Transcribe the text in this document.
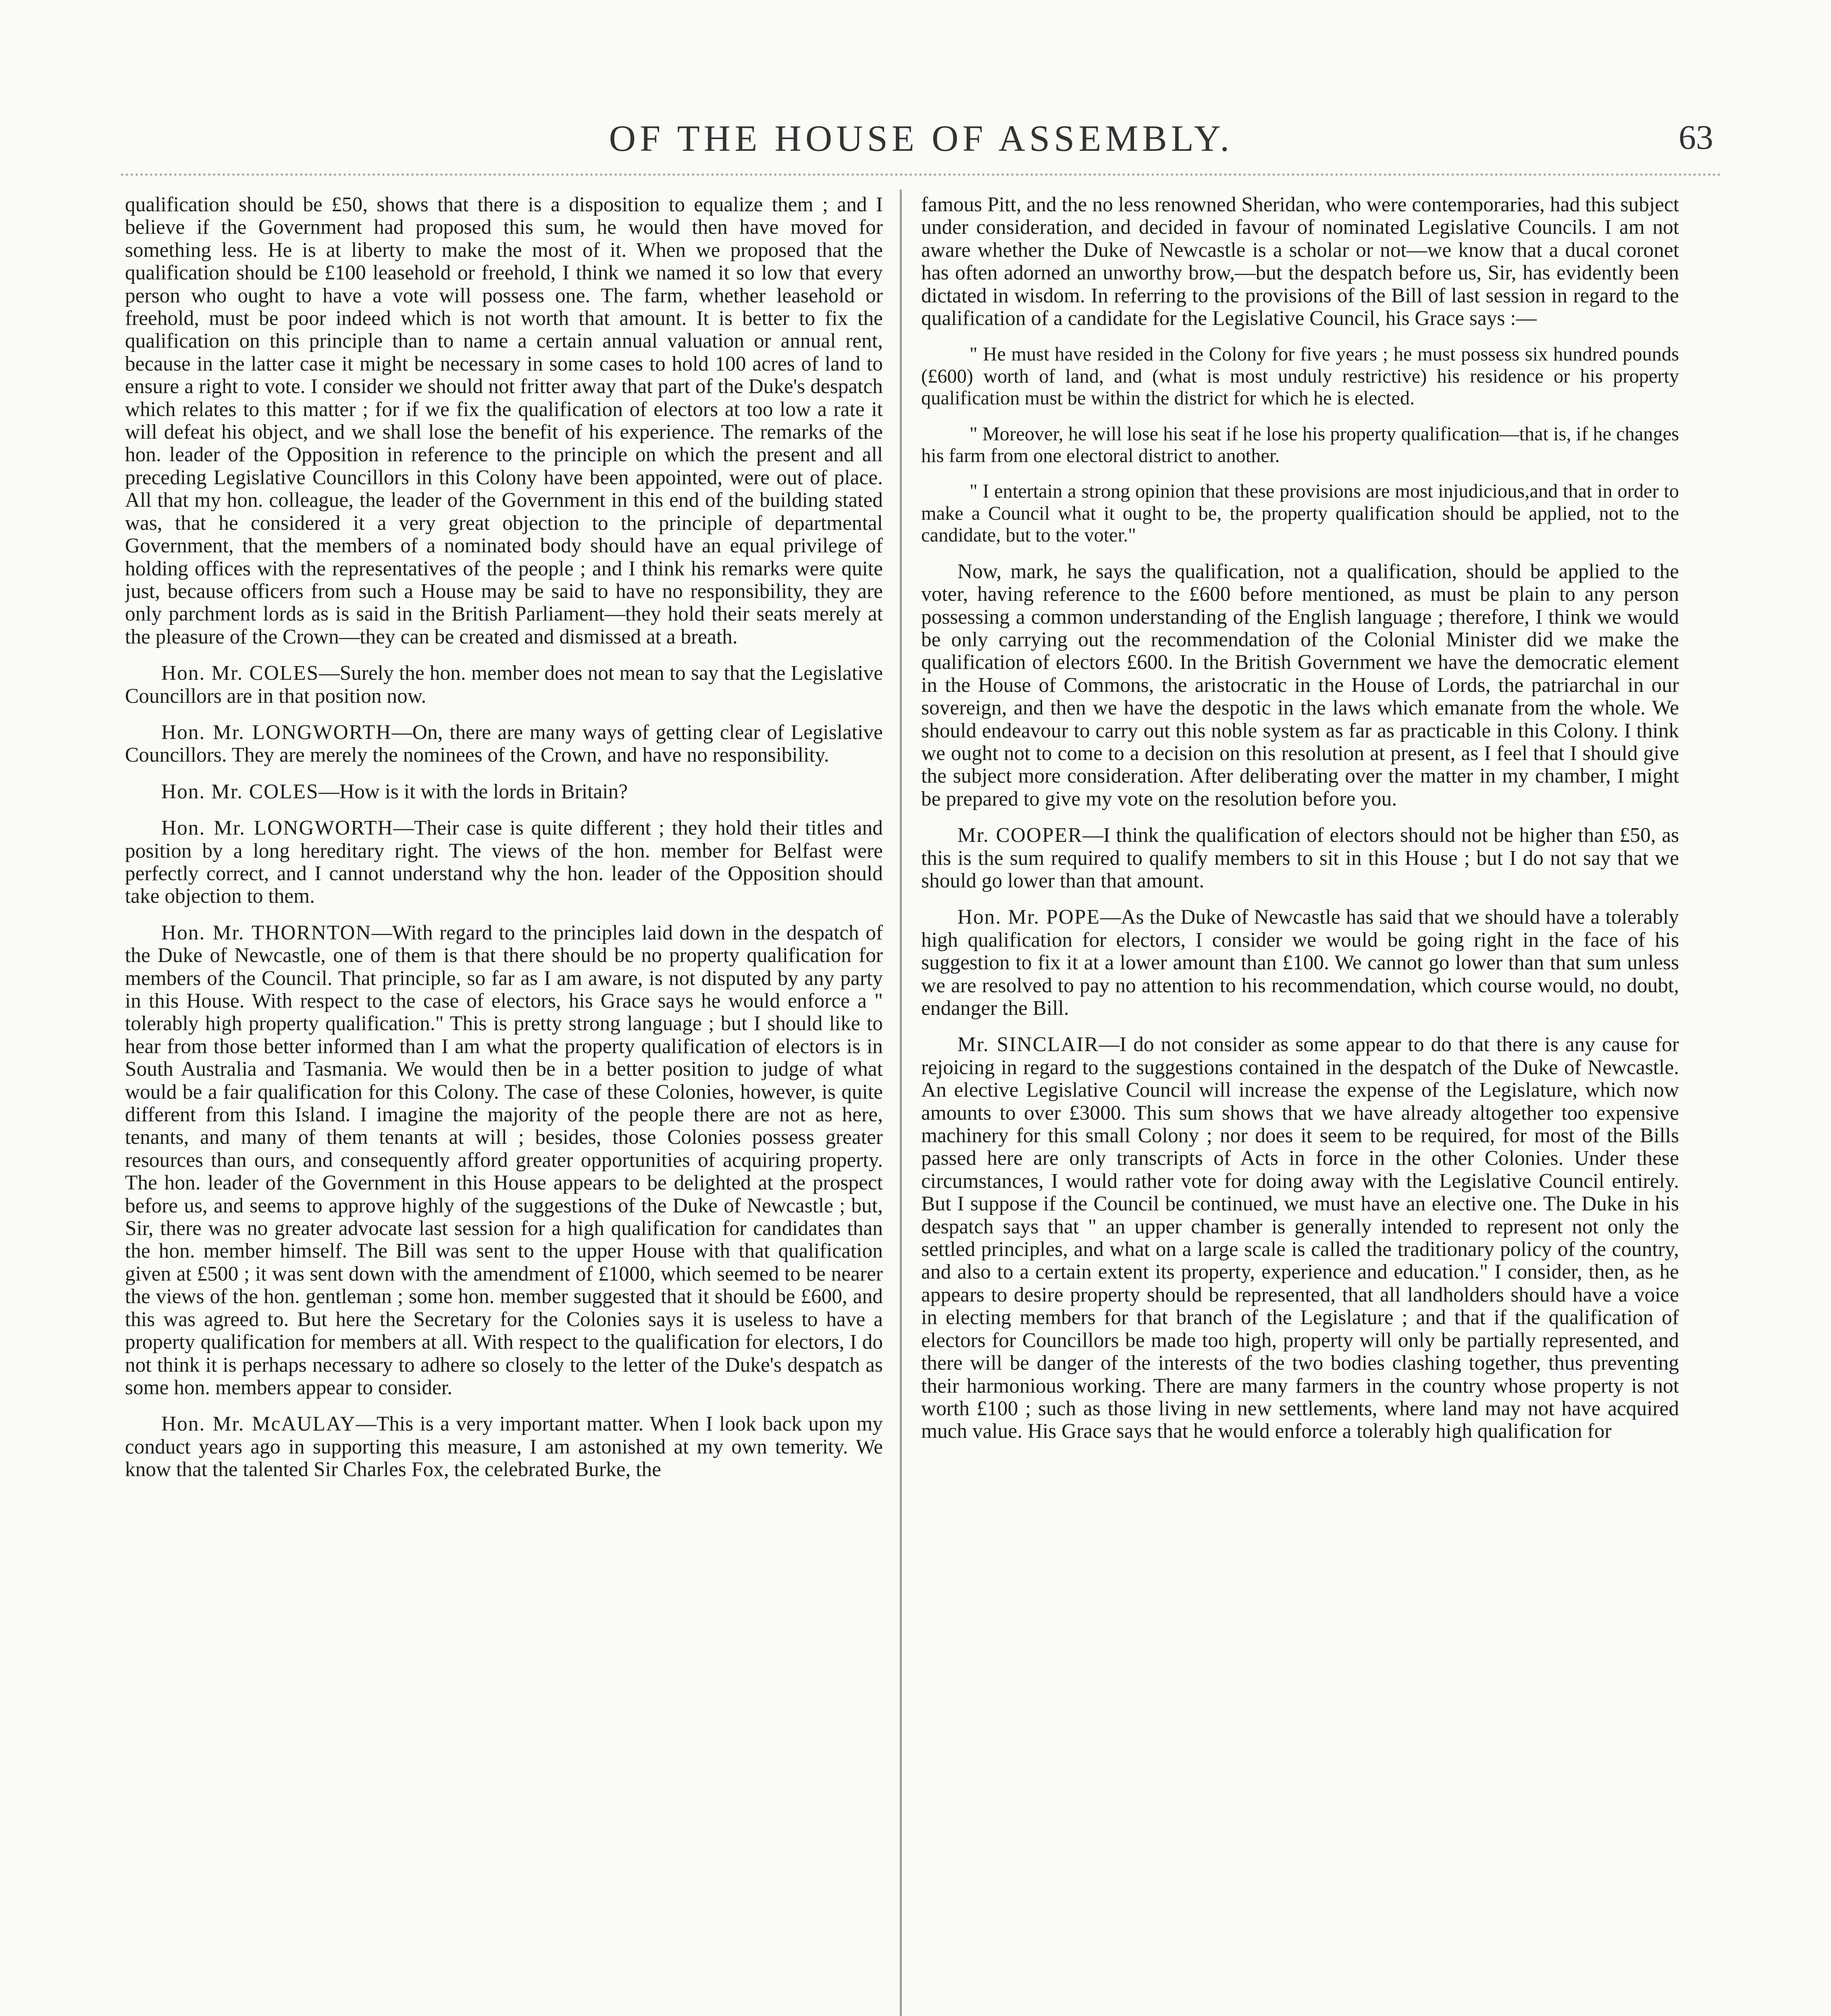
OF THE HOUSE OF ASSEMBLY.	63

qualification should be £50, shows that there is a disposition to equalize them ; and I believe if the Government had proposed this sum, he would then have moved for something less. He is at liberty to make the most of it. When we proposed that the qualification should be £100 leasehold or freehold, I think we named it so low that every person who ought to have a vote will possess one. The farm, whether leasehold or freehold, must be poor indeed which is not worth that amount. It is better to fix the qualification on this principle than to name a certain annual valuation or annual rent, because in the latter case it might be necessary in some cases to hold 100 acres of land to ensure a right to vote. I consider we should not fritter away that part of the Duke's despatch which relates to this matter ; for if we fix the qualification of electors at too low a rate it will defeat his object, and we shall lose the benefit of his experience. The remarks of the hon. leader of the Opposition in reference to the principle on which the present and all preceding Legislative Councillors in this Colony have been appointed, were out of place. All that my hon. colleague, the leader of the Government in this end of the building stated was, that he considered it a very great objection to the principle of departmental Government, that the members of a nominated body should have an equal privilege of holding offices with the representatives of the people ; and I think his remarks were quite just, because officers from such a House may be said to have no responsibility, they are only parchment lords as is said in the British Parliament—they hold their seats merely at the pleasure of the Crown—they can be created and dismissed at a breath.

Hon. Mr. COLES—Surely the hon. member does not mean to say that the Legislative Councillors are in that position now.

Hon. Mr. LONGWORTH—On, there are many ways of getting clear of Legislative Councillors. They are merely the nominees of the Crown, and have no responsibility.

Hon. Mr. COLES—How is it with the lords in Britain?

Hon. Mr. LONGWORTH—Their case is quite different ; they hold their titles and position by a long hereditary right. The views of the hon. member for Belfast were perfectly correct, and I cannot understand why the hon. leader of the Opposition should take objection to them.

Hon. Mr. THORNTON—With regard to the principles laid down in the despatch of the Duke of Newcastle, one of them is that there should be no property qualification for members of the Council. That principle, so far as I am aware, is not disputed by any party in this House. With respect to the case of electors, his Grace says he would enforce a " tolerably high property qualification." This is pretty strong language ; but I should like to hear from those better informed than I am what the property qualification of electors is in South Australia and Tasmania. We would then be in a better position to judge of what would be a fair qualification for this Colony. The case of these Colonies, however, is quite different from this Island. I imagine the majority of the people there are not as here, tenants, and many of them tenants at will ; besides, those Colonies possess greater resources than ours, and consequently afford greater opportunities of acquiring property. The hon. leader of the Government in this House appears to be delighted at the prospect before us, and seems to approve highly of the suggestions of the Duke of Newcastle ; but, Sir, there was no greater advocate last session for a high qualification for candidates than the hon. member himself. The Bill was sent to the upper House with that qualification given at £500 ; it was sent down with the amendment of £1000, which seemed to be nearer the views of the hon. gentleman ; some hon. member suggested that it should be £600, and this was agreed to. But here the Secretary for the Colonies says it is useless to have a property qualification for members at all. With respect to the qualification for electors, I do not think it is perhaps necessary to adhere so closely to the letter of the Duke's despatch as some hon. members appear to consider.

Hon. Mr. McAULAY—This is a very important matter. When I look back upon my conduct years ago in supporting this measure, I am astonished at my own temerity. We know that the talented Sir Charles Fox, the celebrated Burke, the

famous Pitt, and the no less renowned Sheridan, who were contemporaries, had this subject under consideration, and decided in favour of nominated Legislative Councils. I am not aware whether the Duke of Newcastle is a scholar or not—we know that a ducal coronet has often adorned an unworthy brow,—but the despatch before us, Sir, has evidently been dictated in wisdom. In referring to the provisions of the Bill of last session in regard to the qualification of a candidate for the Legislative Council, his Grace says :—

" He must have resided in the Colony for five years ; he must possess six hundred pounds (£600) worth of land, and (what is most unduly restrictive) his residence or his property qualification must be within the district for which he is elected.

" Moreover, he will lose his seat if he lose his property qualification—that is, if he changes his farm from one electoral district to another.

" I entertain a strong opinion that these provisions are most injudicious,and that in order to make a Council what it ought to be, the property qualification should be applied, not to the candidate, but to the voter."

Now, mark, he says the qualification, not a qualification, should be applied to the voter, having reference to the £600 before mentioned, as must be plain to any person possessing a common understanding of the English language ; therefore, I think we would be only carrying out the recommendation of the Colonial Minister did we make the qualification of electors £600. In the British Government we have the democratic element in the House of Commons, the aristocratic in the House of Lords, the patriarchal in our sovereign, and then we have the despotic in the laws which emanate from the whole. We should endeavour to carry out this noble system as far as practicable in this Colony. I think we ought not to come to a decision on this resolution at present, as I feel that I should give the subject more consideration. After deliberating over the matter in my chamber, I might be prepared to give my vote on the resolution before you.

Mr. COOPER—I think the qualification of electors should not be higher than £50, as this is the sum required to qualify members to sit in this House ; but I do not say that we should go lower than that amount.

Hon. Mr. POPE—As the Duke of Newcastle has said that we should have a tolerably high qualification for electors, I consider we would be going right in the face of his suggestion to fix it at a lower amount than £100. We cannot go lower than that sum unless we are resolved to pay no attention to his recommendation, which course would, no doubt, endanger the Bill.

Mr. SINCLAIR—I do not consider as some appear to do that there is any cause for rejoicing in regard to the suggestions contained in the despatch of the Duke of Newcastle. An elective Legislative Council will increase the expense of the Legislature, which now amounts to over £3000. This sum shows that we have already altogether too expensive machinery for this small Colony ; nor does it seem to be required, for most of the Bills passed here are only transcripts of Acts in force in the other Colonies. Under these circumstances, I would rather vote for doing away with the Legislative Council entirely. But I suppose if the Council be continued, we must have an elective one. The Duke in his despatch says that " an upper chamber is generally intended to represent not only the settled principles, and what on a large scale is called the traditionary policy of the country, and also to a certain extent its property, experience and education." I consider, then, as he appears to desire property should be represented, that all landholders should have a voice in electing members for that branch of the Legislature ; and that if the qualification of electors for Councillors be made too high, property will only be partially represented, and there will be danger of the interests of the two bodies clashing together, thus preventing their harmonious working. There are many farmers in the country whose property is not worth £100 ; such as those living in new settlements, where land may not have acquired much value. His Grace says that he would enforce a tolerably high qualification for
